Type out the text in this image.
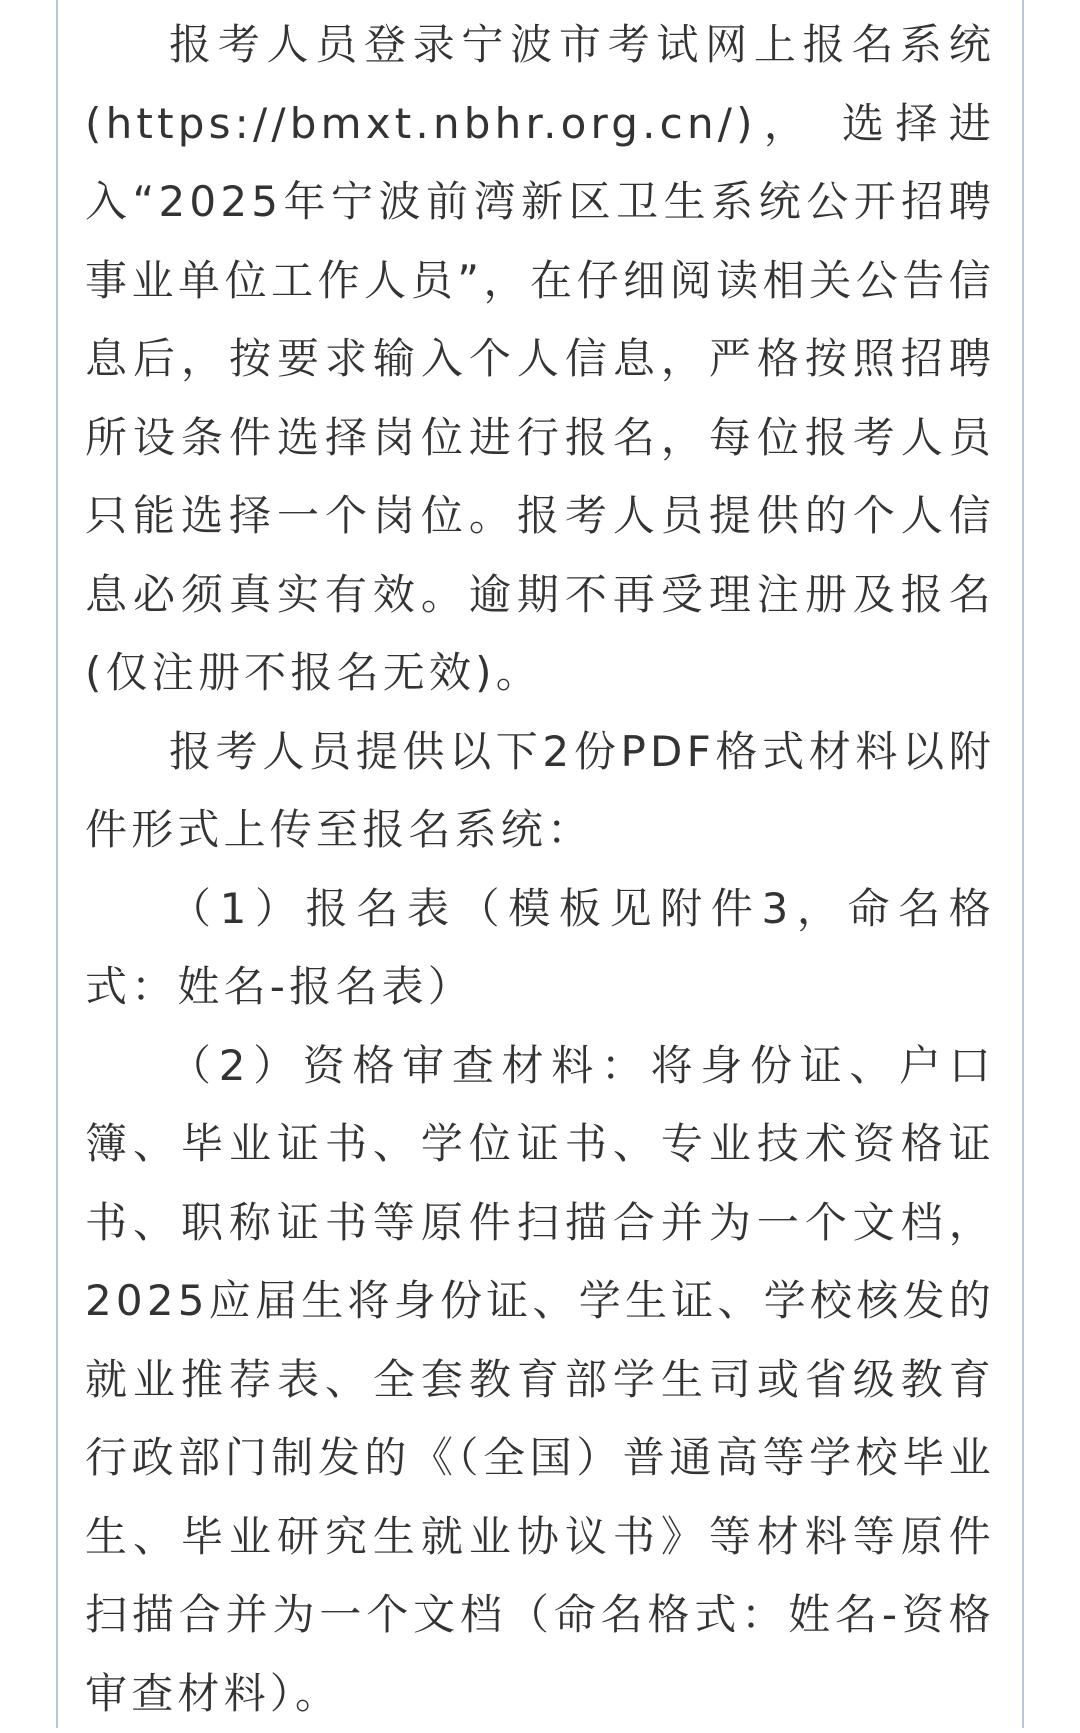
报考人员登录宁波市考试网上报名系统(https://bmxt.nbhr.org.cn/)， 选择进入“2025年宁波前湾新区卫生系统公开招聘事业单位工作人员”，在仔细阅读相关公告信息后，按要求输入个人信息，严格按照招聘所设条件选择岗位进行报名，每位报考人员只能选择一个岗位。报考人员提供的个人信息必须真实有效。逾期不再受理注册及报名(仅注册不报名无效)。

报考人员提供以下2份PDF格式材料以附件形式上传至报名系统：

（1）报名表（模板见附件3，命名格式：姓名-报名表）

（2）资格审查材料：将身份证、户口簿、毕业证书、学位证书、专业技术资格证书、职称证书等原件扫描合并为一个文档，2025应届生将身份证、学生证、学校核发的就业推荐表、全套教育部学生司或省级教育行政部门制发的《（全国）普通高等学校毕业生、毕业研究生就业协议书》等材料等原件扫描合并为一个文档（命名格式：姓名-资格审查材料）。
